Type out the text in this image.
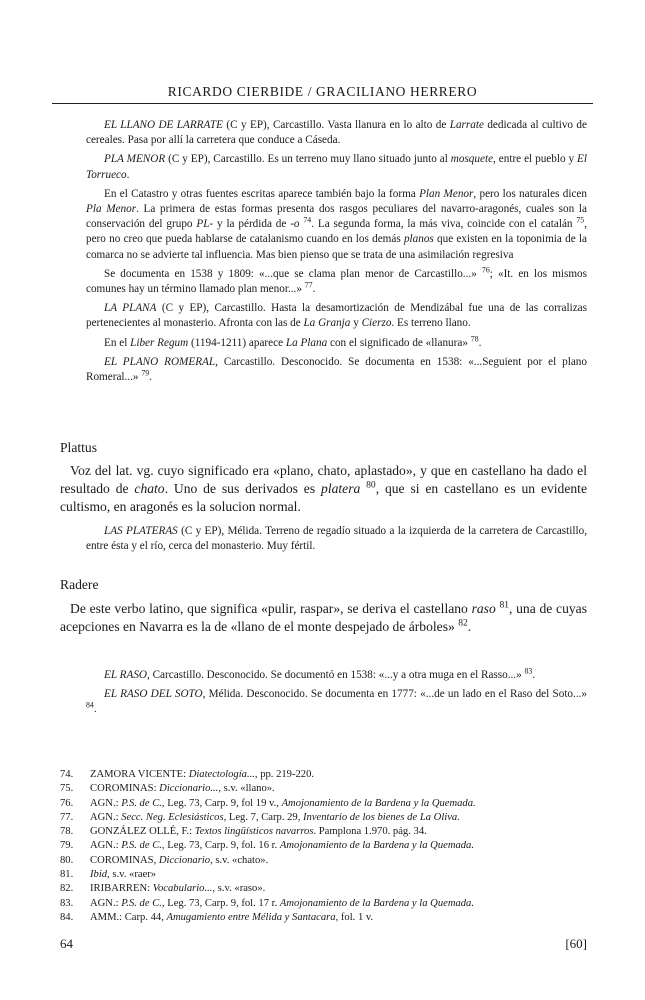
RICARDO CIERBIDE / GRACILIANO HERRERO

EL LLANO DE LARRATE (C y EP), Carcastillo. Vasta llanura en lo alto de Larrate dedicada al cultivo de cereales. Pasa por allí la carretera que conduce a Cáseda.

PLA MENOR (C y EP), Carcastillo. Es un terreno muy llano situado junto al mosquete, entre el pueblo y El Torrueco.

En el Catastro y otras fuentes escritas aparece también bajo la forma Plan Menor, pero los naturales dicen Pla Menor. La primera de estas formas presenta dos rasgos peculiares del navarro-aragonés, cuales son la conservación del grupo PL- y la pérdida de -o $^{74}$. La segunda forma, la más viva, coincide con el catalán $^{75}$, pero no creo que pueda hablarse de catalanismo cuando en los demás planos que existen en la toponimia de la comarca no se advierte tal influencia. Mas bien pienso que se trata de una asimilación regresiva

Se documenta en 1538 y 1809: «...que se clama plan menor de Carcastillo...» $^{76}$; «It. en los mismos comunes hay un término llamado plan menor...» $^{77}$.

LA PLANA (C y EP), Carcastillo. Hasta la desamortización de Mendizábal fue una de las corralizas pertenecientes al monasterio. Afronta con las de La Granja y Cierzo. Es terreno llano.

En el Liber Regum (1194-1211) aparece La Plana con el significado de «llanura» $^{78}$.

EL PLANO ROMERAL, Carcastillo. Desconocido. Se documenta en 1538: «...Seguient por el plano Romeral...» $^{79}$.

Plattus

Voz del lat. vg. cuyo significado era «plano, chato, aplastado», y que en castellano ha dado el resultado de chato. Uno de sus derivados es platera $^{80}$, que si en castellano es un evidente cultismo, en aragonés es la solucion normal.

LAS PLATERAS (C y EP), Mélida. Terreno de regadío situado a la izquierda de la carretera de Carcastillo, entre ésta y el río, cerca del monasterio. Muy fértil.

Radere

De este verbo latino, que significa «pulir, raspar», se deriva el castellano raso $^{81}$, una de cuyas acepciones en Navarra es la de «llano de el monte despejado de árboles» $^{82}$.

EL RASO, Carcastillo. Desconocido. Se documentó en 1538: «...y a otra muga en el Rasso...» $^{83}$.

EL RASO DEL SOTO, Mélida. Desconocido. Se documenta en 1777: «...de un lado en el Raso del Soto...» $^{84}$.

74.	ZAMORA VICENTE: Diatectología..., pp. 219-220.
75.	COROMINAS: Diccionario..., s.v. «llano».
76.	AGN.: P.S. de C., Leg. 73, Carp. 9, fol 19 v., Amojonamiento de la Bardena y la Quemada.
77.	AGN.: Secc. Neg. Eclesiásticos, Leg. 7, Carp. 29, Inventario de los bienes de La Oliva.
78.	GONZÁLEZ OLLÉ, F.: Textos lingüísticos navarros. Pamplona 1.970. pág. 34.
79.	AGN.: P.S. de C., Leg. 73, Carp. 9, fol. 16 r. Amojonamiento de la Bardena y la Quemada.
80.	COROMINAS, Diccionario, s.v. «chato».
81.	Ibid, s.v. «raer»
82.	IRIBARREN: Vocabulario..., s.v. «raso».
83.	AGN.: P.S. de C., Leg. 73, Carp. 9, fol. 17 r. Amojonamiento de la Bardena y la Quemada.
84.	AMM.: Carp. 44, Amugamiento entre Mélida y Santacara, fol. 1 v.
64	[60]
